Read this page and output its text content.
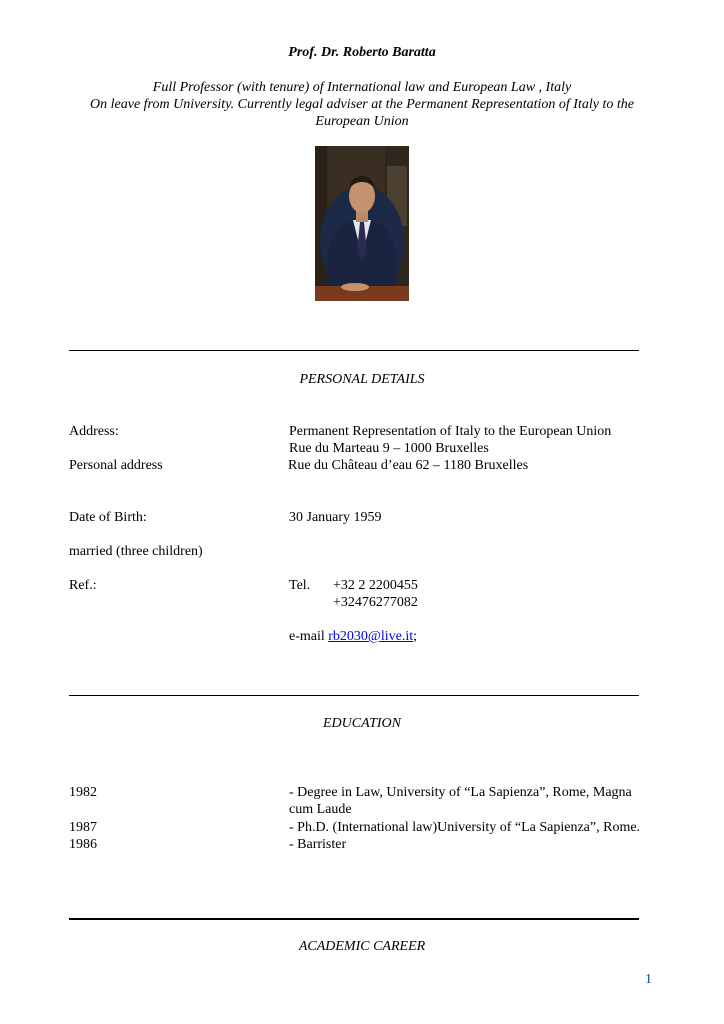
Prof. Dr. Roberto Baratta
Full Professor (with tenure) of International law and European Law , Italy
On leave from University. Currently legal adviser at the Permanent Representation of Italy to the
European Union
PERSONAL DETAILS
Address:	Permanent Representation of Italy to the European Union
Rue du Marteau 9 – 1000 Bruxelles
Personal address	Rue du Château d’eau 62 – 1180 Bruxelles
Date of Birth:	30 January 1959
married (three children)
Ref.:	Tel. +32 2 2200455
+32476277082
e-mail rb2030@live.it;
EDUCATION
1982	- Degree in Law, University of “La Sapienza”, Rome, Magna
cum Laude
1987	- Ph.D. (International law)University of “La Sapienza”, Rome.
1986	- Barrister
ACADEMIC CAREER
1
